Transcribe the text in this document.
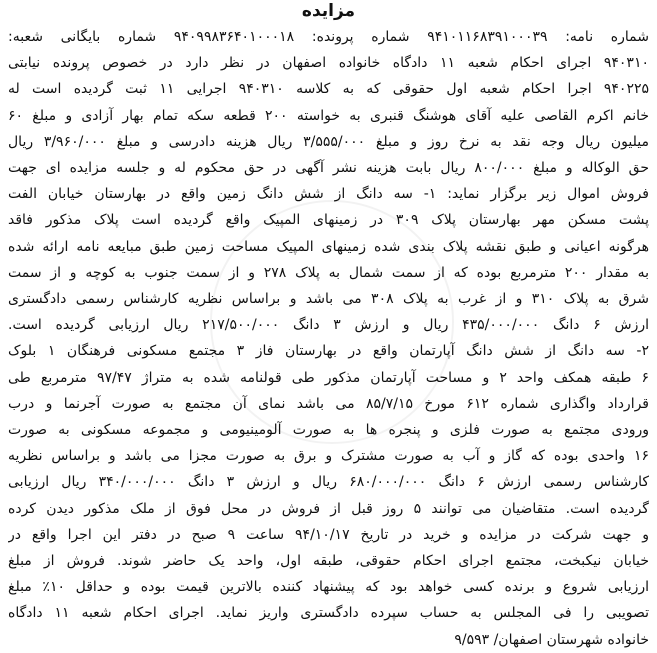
مزایده

شماره نامه: ۹۴۱۰۱۱۶۸۳۹۱۰۰۰۳۹ شماره پرونده: ۹۴۰۹۹۸۳۶۴۰۱۰۰۰۱۸ شماره بایگانی شعبه:

۹۴۰۳۱۰ اجرای احکام شعبه ۱۱ دادگاه خانواده اصفهان در نظر دارد در خصوص پرونده نیابتی

۹۴۰۲۲۵ اجرا احکام شعبه اول حقوقی که به کلاسه ۹۴۰۳۱۰ اجرایی ۱۱ ثبت گردیده است له

خانم اکرم القاصی علیه آقای هوشنگ قنبری به خواسته ۲۰۰ قطعه سکه تمام بهار آزادی و مبلغ ۶۰

میلیون ریال وجه نقد به نرخ روز و مبلغ ۳/۵۵۵/۰۰۰ ریال هزینه دادرسی و مبلغ ۳/۹۶۰/۰۰۰ ریال

حق الوکاله و مبلغ ۸۰۰/۰۰۰ ریال بابت هزینه نشر آگهی در حق محکوم له و جلسه مزایده ای جهت

فروش اموال زیر برگزار نماید: ۱- سه دانگ از شش دانگ زمین واقع در بهارستان خیابان الفت

پشت مسکن مهر بهارستان پلاک ۳۰۹ در زمینهای المپیک واقع گردیده است پلاک مذکور فاقد

هرگونه اعیانی و طبق نقشه پلاک بندی شده زمینهای المپیک مساحت زمین طبق مبایعه نامه ارائه شده

به مقدار ۲۰۰ مترمربع بوده که از سمت شمال به پلاک ۲۷۸ و از سمت جنوب به کوچه و از سمت

شرق به پلاک ۳۱۰ و از غرب به پلاک ۳۰۸ می باشد و براساس نظریه کارشناس رسمی دادگستری

ارزش ۶ دانگ ۴۳۵/۰۰۰/۰۰۰ ریال و ارزش ۳ دانگ ۲۱۷/۵۰۰/۰۰۰ ریال ارزیابی گردیده است.

۲- سه دانگ از شش دانگ آپارتمان واقع در بهارستان فاز ۳ مجتمع مسکونی فرهنگان ۱ بلوک

۶ طبقه همکف واحد ۲ و مساحت آپارتمان مذکور طی قولنامه شده به متراژ ۹۷/۴۷ مترمربع طی

قرارداد واگذاری شماره ۶۱۲ مورخ ۸۵/۷/۱۵ می باشد نمای آن مجتمع به صورت آجرنما و درب

ورودی مجتمع به صورت فلزی و پنجره ها به صورت آلومینیومی و مجموعه مسکونی به صورت

۱۶ واحدی بوده که گاز و آب به صورت مشترک و برق به صورت مجزا می باشد و براساس نظریه

کارشناس رسمی ارزش ۶ دانگ ۶۸۰/۰۰۰/۰۰۰ ریال و ارزش ۳ دانگ ۳۴۰/۰۰۰/۰۰۰ ریال ارزیابی

گردیده است. متقاضیان می توانند ۵ روز قبل از فروش در محل فوق از ملک مذکور دیدن کرده

و جهت شرکت در مزایده و خرید در تاریخ ۹۴/۱۰/۱۷ ساعت ۹ صبح در دفتر این اجرا واقع در

خیابان نیکبخت، مجتمع اجرای احکام حقوقی، طبقه اول، واحد یک حاضر شوند. فروش از مبلغ

ارزیابی شروع و برنده کسی خواهد بود که پیشنهاد کننده بالاترین قیمت بوده و حداقل ۱۰٪ مبلغ

تصویبی را فی المجلس به حساب سپرده دادگستری واریز نماید. اجرای احکام شعبه ۱۱ دادگاه

خانواده شهرستان اصفهان/ ۹/۵۹۳
